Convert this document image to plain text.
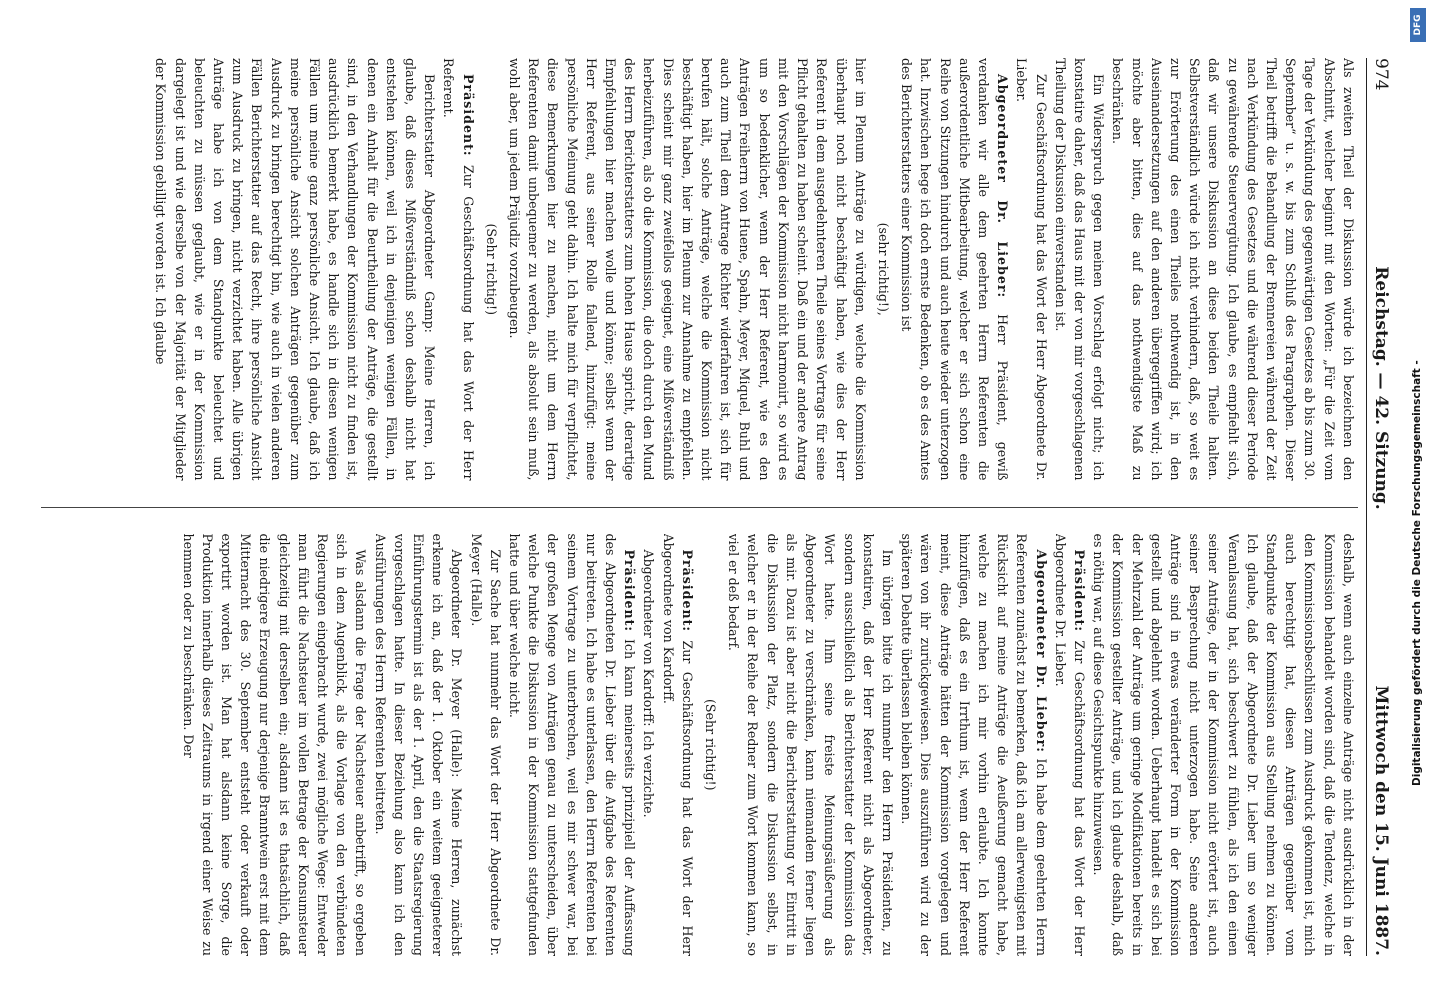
974
Reichstag. — 42. Sitzung.
Mittwoch den 15. Juni 1887.

Als zweiten Theil der Diskussion würde ich bezeichnen den Abschnitt, welcher beginnt mit den Worten: „Für die Zeit vom Tage der Verkündung des gegenwärtigen Gesetzes ab bis zum 30. September“ u. s. w. bis zum Schluß des Paragraphen. Dieser Theil betrifft die Behandlung der Brennereien während der Zeit nach Verkündung des Gesetzes und die während dieser Periode zu gewährende Steuervergütung. Ich glaube, es empfiehlt sich, daß wir unsere Diskussion an diese beiden Theile halten. Selbstverständlich würde ich nicht verhindern, daß, so weit es zur Erörterung des einen Theiles nothwendig ist, in den Auseinandersetzungen auf den anderen übergegriffen wird; ich möchte aber bitten, dies auf das nothwendigste Maß zu beschränken.

Ein Widerspruch gegen meinen Vorschlag erfolgt nicht; ich konstatire daher, daß das Haus mit der von mir vorgeschlagenen Theilung der Diskussion einverstanden ist.

Zur Geschäftsordnung hat das Wort der Herr Abgeordnete Dr. Lieber.

Abgeordneter Dr. Lieber: Herr Präsident, gewiß verdanken wir alle dem geehrten Herrn Referenten die außerordentliche Mitbearbeitung, welcher er sich schon eine Reihe von Sitzungen hindurch und auch heute wieder unterzogen hat. Inzwischen hege ich doch ernste Bedenken, ob es des Amtes des Berichterstatters einer Kommission ist

(sehr richtig!),

hier im Plenum Anträge zu würdigen, welche die Kommission überhaupt noch nicht beschäftigt haben, wie dies der Herr Referent in dem ausgedehnteren Theile seines Vortrags für seine Pflicht gehalten zu haben scheint. Daß ein und der andere Antrag mit den Vorschlägen der Kommission nicht harmonirt, so wird es um so bedenklicher, wenn der Herr Referent, wie es den Anträgen Freiherrn von Huene, Spahn, Meyer, Miquel, Buhl und auch zum Theil dem Antrage Richter widerfahren ist, sich für berufen hält, solche Anträge, welche die Kommission nicht beschäftigt haben, hier im Plenum zur Annahme zu empfehlen. Dies scheint mir ganz zweifellos geeignet, eine Mißverständniß herbeizuführen, als ob die Kommission, die doch durch den Mund des Herrn Berichterstatters zum hohen Hause spricht, derartige Empfehlungen hier machen wolle und könne; selbst wenn der Herr Referent, aus seiner Rolle fallend, hinzufügt: meine persönliche Meinung geht dahin. Ich halte mich für verpflichtet, diese Bemerkungen hier zu machen, nicht um dem Herrn Referenten damit unbequemer zu werden, als absolut sein muß, wohl aber, um jedem Präjudiz vorzubeugen.

(Sehr richtig!)

Präsident: Zur Geschäftsordnung hat das Wort der Herr Referent.

Berichterstatter Abgeordneter Gamp: Meine Herren, ich glaube, daß dieses Mißverständniß schon deshalb nicht hat entstehen können, weil ich in denjenigen wenigen Fällen, in denen ein Anhalt für die Beurtheilung der Anträge, die gestellt sind, in den Verhandlungen der Kommission nicht zu finden ist, ausdrücklich bemerkt habe, es handle sich in diesen wenigen Fällen um meine ganz persönliche Ansicht. Ich glaube, daß ich meine persönliche Ansicht solchen Anträgen gegenüber zum Ausdruck zu bringen berechtigt bin, wie auch in vielen anderen Fällen Berichterstatter auf das Recht, ihre persönliche Ansicht zum Ausdruck zu bringen, nicht verzichtet haben. Alle übrigen Anträge habe ich von dem Standpunkte beleuchtet und beleuchten zu müssen geglaubt, wie er in der Kommission dargelegt ist und wie derselbe von der Majorität der Mitglieder der Kommission gebilligt worden ist. Ich glaube

deshalb, wenn auch einzelne Anträge nicht ausdrücklich in der Kommission behandelt worden sind, daß die Tendenz, welche in den Kommissionsbeschlüssen zum Ausdruck gekommen ist, mich auch berechtigt hat, diesen Anträgen gegenüber vom Standpunkte der Kommission aus Stellung nehmen zu können. Ich glaube, daß der Abgeordnete Dr. Lieber um so weniger Veranlassung hat, sich beschwert zu fühlen, als ich den einen seiner Anträge, der in der Kommission nicht erörtert ist, auch seiner Besprechung nicht unterzogen habe. Seine anderen Anträge sind in etwas veränderter Form in der Kommission gestellt und abgelehnt worden. Ueberhaupt handelt es sich bei der Mehrzahl der Anträge um geringe Modifikationen bereits in der Kommission gestellter Anträge, und ich glaube deshalb, daß es nöthig war, auf diese Gesichtspunkte hinzuweisen.

Präsident: Zur Geschäftsordnung hat das Wort der Herr Abgeordnete Dr. Lieber.

Abgeordneter Dr. Lieber: Ich habe dem geehrten Herrn Referenten zunächst zu bemerken, daß ich am allerwenigsten mit Rücksicht auf meine Anträge die Aeußerung gemacht habe, welche zu machen ich mir vorhin erlaubte. Ich konnte hinzufügen, daß es ein Irrthum ist, wenn der Herr Referent meint, diese Anträge hätten der Kommission vorgelegen und wären von ihr zurückgewiesen. Dies auszuführen wird zu der späteren Debatte überlassen bleiben können.

Im übrigen bitte ich nunmehr den Herrn Präsidenten, zu konstatiren, daß der Herr Referent nicht als Abgeordneter, sondern ausschließlich als Berichterstatter der Kommission das Wort hatte. Ihm seine freiste Meinungsäußerung als Abgeordneter zu verschränken, kann niemandem ferner liegen als mir. Dazu ist aber nicht die Berichterstattung vor Eintritt in die Diskussion der Platz, sondern die Diskussion selbst, in welcher er in der Reihe der Redner zum Wort kommen kann, so viel er deß bedarf.

(Sehr richtig!)

Präsident: Zur Geschäftsordnung hat das Wort der Herr Abgeordnete von Kardorff.

Abgeordneter von Kardorff: Ich verzichte.

Präsident: Ich kann meinerseits prinzipiell der Auffassung des Abgeordneten Dr. Lieber über die Aufgabe des Referenten nur beitreten. Ich habe es unterlassen, den Herrn Referenten bei seinem Vortrage zu unterbrechen, weil es mir schwer war, bei der großen Menge von Anträgen genau zu unterscheiden, über welche Punkte die Diskussion in der Kommission stattgefunden hatte und über welche nicht.

Zur Sache hat nunmehr das Wort der Herr Abgeordnete Dr. Meyer (Halle).

Abgeordneter Dr. Meyer (Halle): Meine Herren, zunächst erkenne ich an, daß der 1. Oktober ein weitem geeigneterer Einführungstermin ist als der 1. April, den die Staatsregierung vorgeschlagen hatte. In dieser Beziehung also kann ich den Ausführungen des Herrn Referenten beitreten.

Was alsdann die Frage der Nachsteuer anbetrifft, so ergeben sich in dem Augenblick, als die Vorlage von den verbündeten Regierungen eingebracht wurde, zwei mögliche Wege: Entweder man führt die Nachsteuer im vollen Betrage der Konsumsteuer gleichzeitig mit derselben ein; alsdann ist es thatsächlich, daß die niedrigere Erzeugung nur derjenige Branntwein erst mit dem Mitternacht des 30. September entsteht oder verkauft oder exportirt worden ist. Man hat alsdann keine Sorge, die Produktion innerhalb dieses Zeitraums in irgend einer Weise zu hemmen oder zu beschränken. Der	Digitalisierung gefördert durch die Deutsche Forschungsgemeinschaft -
DFG
